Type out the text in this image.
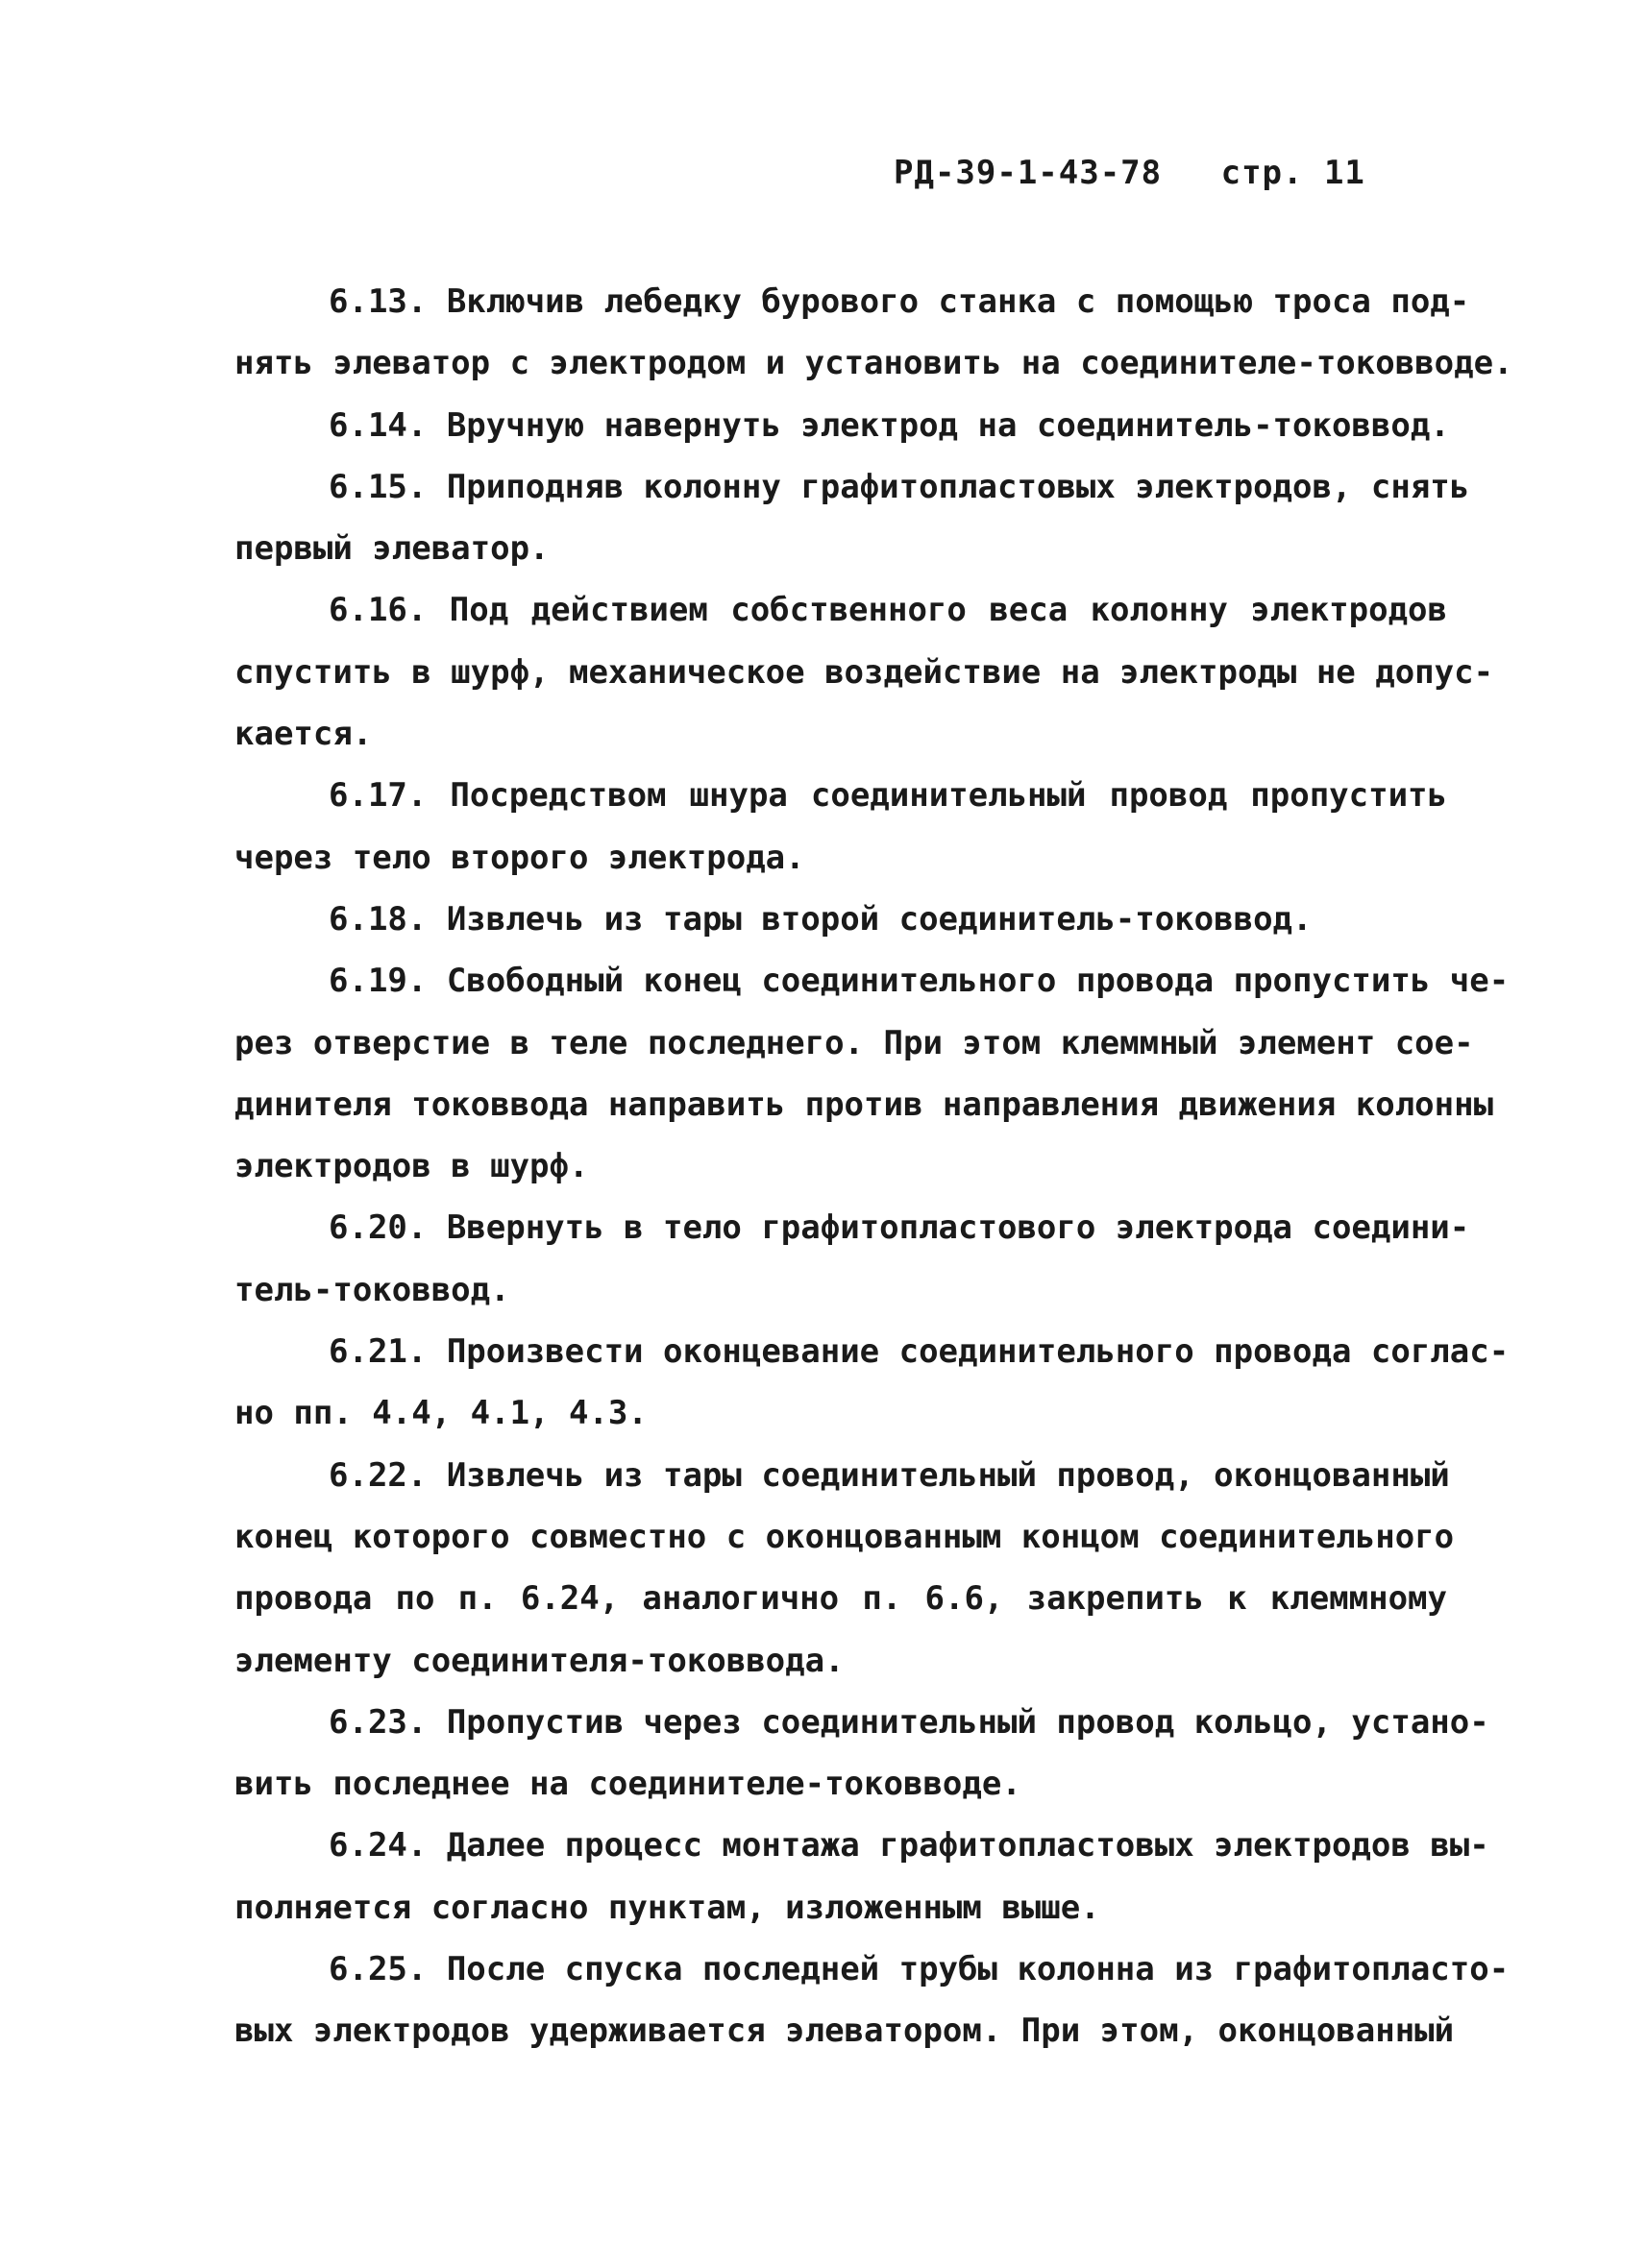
РД-39-1-43-78 стр. 11
6.13. Включив лебедку бурового станка с помощью троса под-
нять элеватор с электродом и установить на соединителе-токовводе.
6.14. Вручную навернуть электрод на соединитель-токоввод.
6.15. Приподняв колонну графитопластовых электродов, снять
первый элеватор.
6.16. Под действием собственного веса колонну электродов
спустить в шурф, механическое воздействие на электроды не допус-
кается.
6.17. Посредством шнура соединительный провод пропустить
через тело второго электрода.
6.18. Извлечь из тары второй соединитель-токоввод.
6.19. Свободный конец соединительного провода пропустить че-
рез отверстие в теле последнего. При этом клеммный элемент сое-
динителя токоввода направить против направления движения колонны
электродов в шурф.
6.20. Ввернуть в тело графитопластового электрода соедини-
тель-токоввод.
6.21. Произвести оконцевание соединительного провода соглас-
но пп. 4.4, 4.1, 4.3.
6.22. Извлечь из тары соединительный провод, оконцованный
конец которого совместно с оконцованным концом соединительного
провода по п. 6.24, аналогично п. 6.6, закрепить к клеммному
элементу соединителя-токоввода.
6.23. Пропустив через соединительный провод кольцо, устано-
вить последнее на соединителе-токовводе.
6.24. Далее процесс монтажа графитопластовых электродов вы-
полняется согласно пунктам, изложенным выше.
6.25. После спуска последней трубы колонна из графитопласто-
вых электродов удерживается элеватором. При этом, оконцованный
